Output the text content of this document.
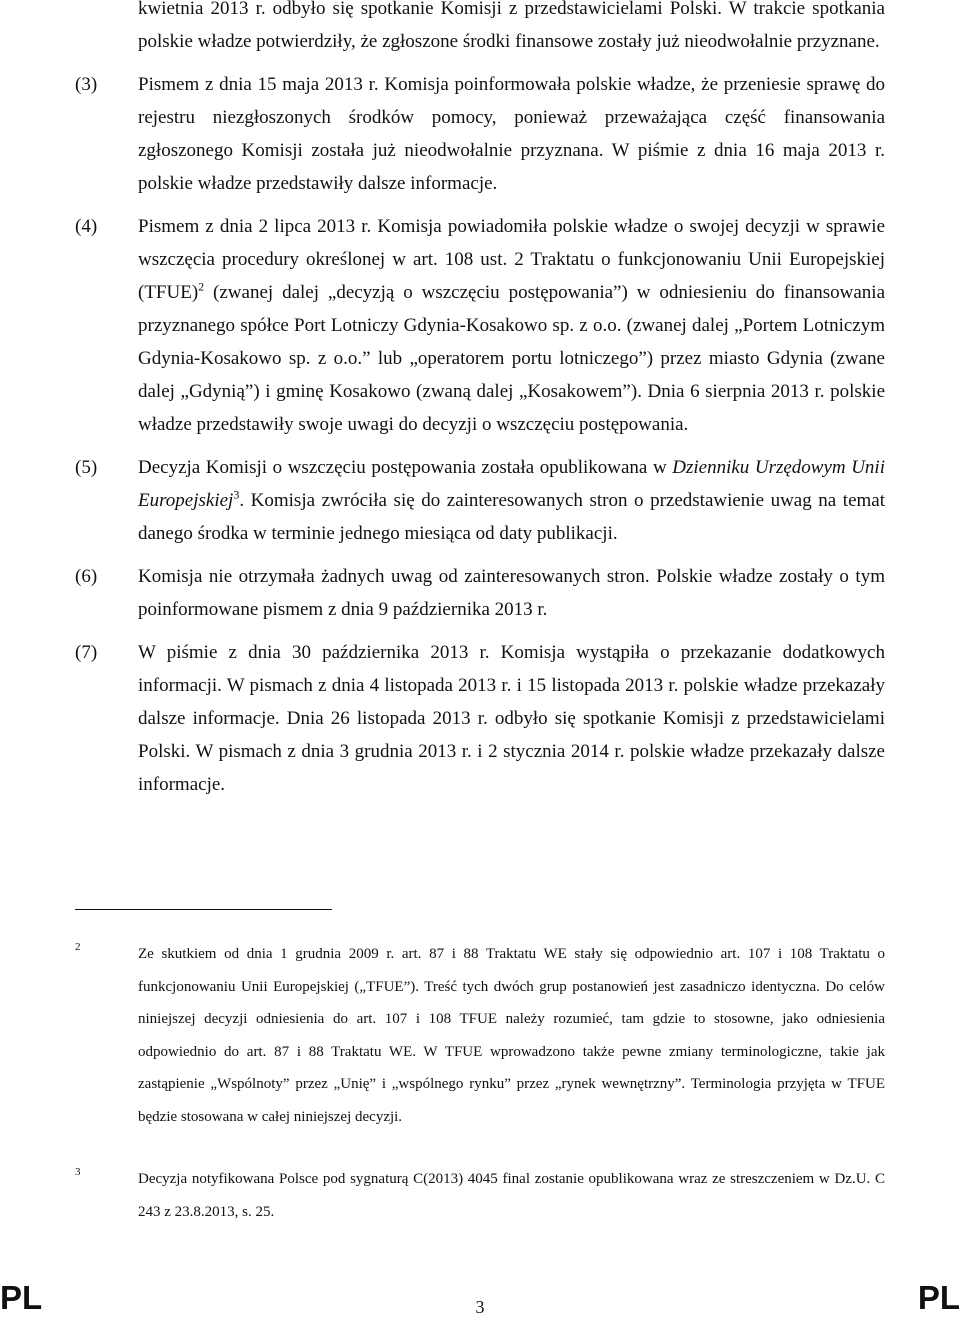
kwietnia 2013 r. odbyło się spotkanie Komisji z przedstawicielami Polski. W trakcie spotkania polskie władze potwierdziły, że zgłoszone środki finansowe zostały już nieodwołalnie przyznane.
(3)	Pismem z dnia 15 maja 2013 r. Komisja poinformowała polskie władze, że przeniesie sprawę do rejestru niezgłoszonych środków pomocy, ponieważ przeważająca część finansowania zgłoszonego Komisji została już nieodwołalnie przyznana. W piśmie z dnia 16 maja 2013 r. polskie władze przedstawiły dalsze informacje.
(4)	Pismem z dnia 2 lipca 2013 r. Komisja powiadomiła polskie władze o swojej decyzji w sprawie wszczęcia procedury określonej w art. 108 ust. 2 Traktatu o funkcjonowaniu Unii Europejskiej (TFUE)$^2$ (zwanej dalej „decyzją o wszczęciu postępowania”) w odniesieniu do finansowania przyznanego spółce Port Lotniczy Gdynia-Kosakowo sp. z o.o. (zwanej dalej „Portem Lotniczym Gdynia-Kosakowo sp. z o.o.” lub „operatorem portu lotniczego”) przez miasto Gdynia (zwane dalej „Gdynią”) i gminę Kosakowo (zwaną dalej „Kosakowem”). Dnia 6 sierpnia 2013 r. polskie władze przedstawiły swoje uwagi do decyzji o wszczęciu postępowania.
(5)	Decyzja Komisji o wszczęciu postępowania została opublikowana w Dzienniku Urzędowym Unii Europejskiej$^3$. Komisja zwróciła się do zainteresowanych stron o przedstawienie uwag na temat danego środka w terminie jednego miesiąca od daty publikacji.
(6)	Komisja nie otrzymała żadnych uwag od zainteresowanych stron. Polskie władze zostały o tym poinformowane pismem z dnia 9 października 2013 r.
(7)	W piśmie z dnia 30 października 2013 r. Komisja wystąpiła o przekazanie dodatkowych informacji. W pismach z dnia 4 listopada 2013 r. i 15 listopada 2013 r. polskie władze przekazały dalsze informacje. Dnia 26 listopada 2013 r. odbyło się spotkanie Komisji z przedstawicielami Polski. W pismach z dnia 3 grudnia 2013 r. i 2 stycznia 2014 r. polskie władze przekazały dalsze informacje.
2	Ze skutkiem od dnia 1 grudnia 2009 r. art. 87 i 88 Traktatu WE stały się odpowiednio art. 107 i 108 Traktatu o funkcjonowaniu Unii Europejskiej („TFUE”). Treść tych dwóch grup postanowień jest zasadniczo identyczna. Do celów niniejszej decyzji odniesienia do art. 107 i 108 TFUE należy rozumieć, tam gdzie to stosowne, jako odniesienia odpowiednio do art. 87 i 88 Traktatu WE. W TFUE wprowadzono także pewne zmiany terminologiczne, takie jak zastąpienie „Wspólnoty” przez „Unię” i „wspólnego rynku” przez „rynek wewnętrzny”. Terminologia przyjęta w TFUE będzie stosowana w całej niniejszej decyzji.
3	Decyzja notyfikowana Polsce pod sygnaturą C(2013) 4045 final zostanie opublikowana wraz ze streszczeniem w Dz.U. C 243 z 23.8.2013, s. 25.
PL	3	PL
